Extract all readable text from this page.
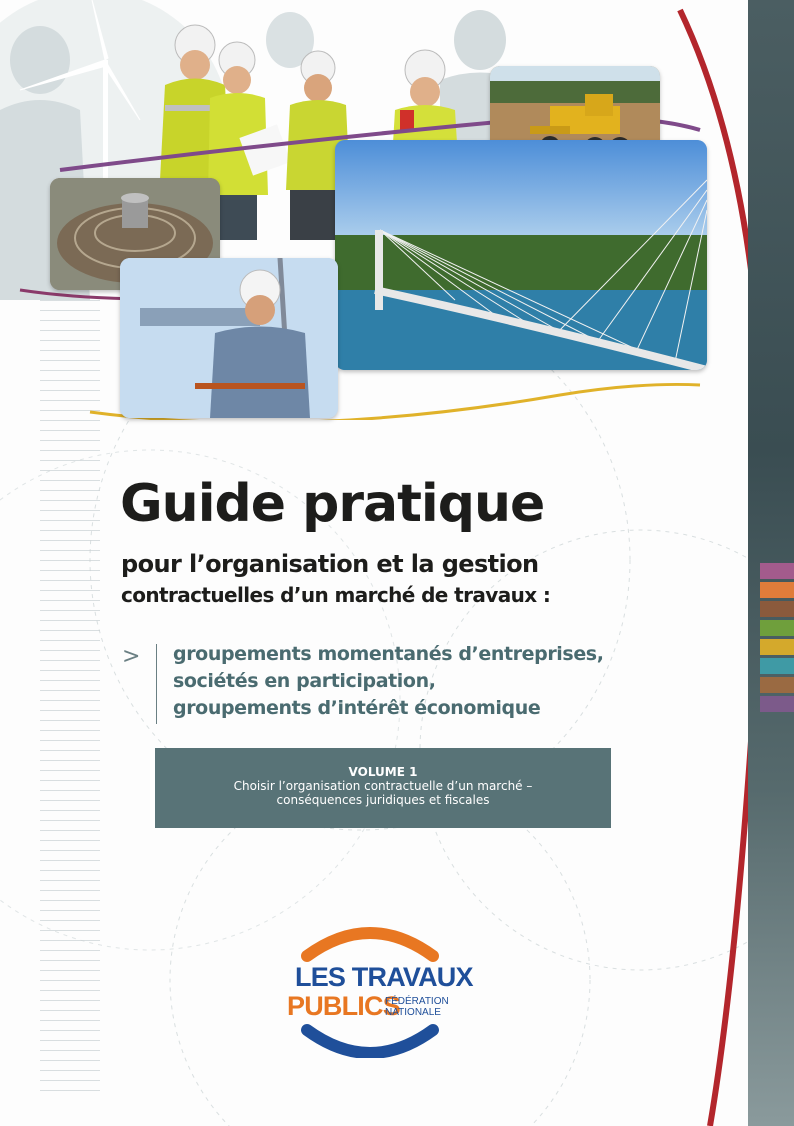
Guide pratique
pour l’organisation et la gestion
contractuelles d’un marché de travaux :
> groupements momentanés d’entreprises,
sociétés en participation,
groupements d’intérêt économique
VOLUME 1
Choisir l’organisation contractuelle d’un marché –
conséquences juridiques et fiscales
LES TRAVAUX
PUBLICS
FÉDÉRATION
NATIONALE
